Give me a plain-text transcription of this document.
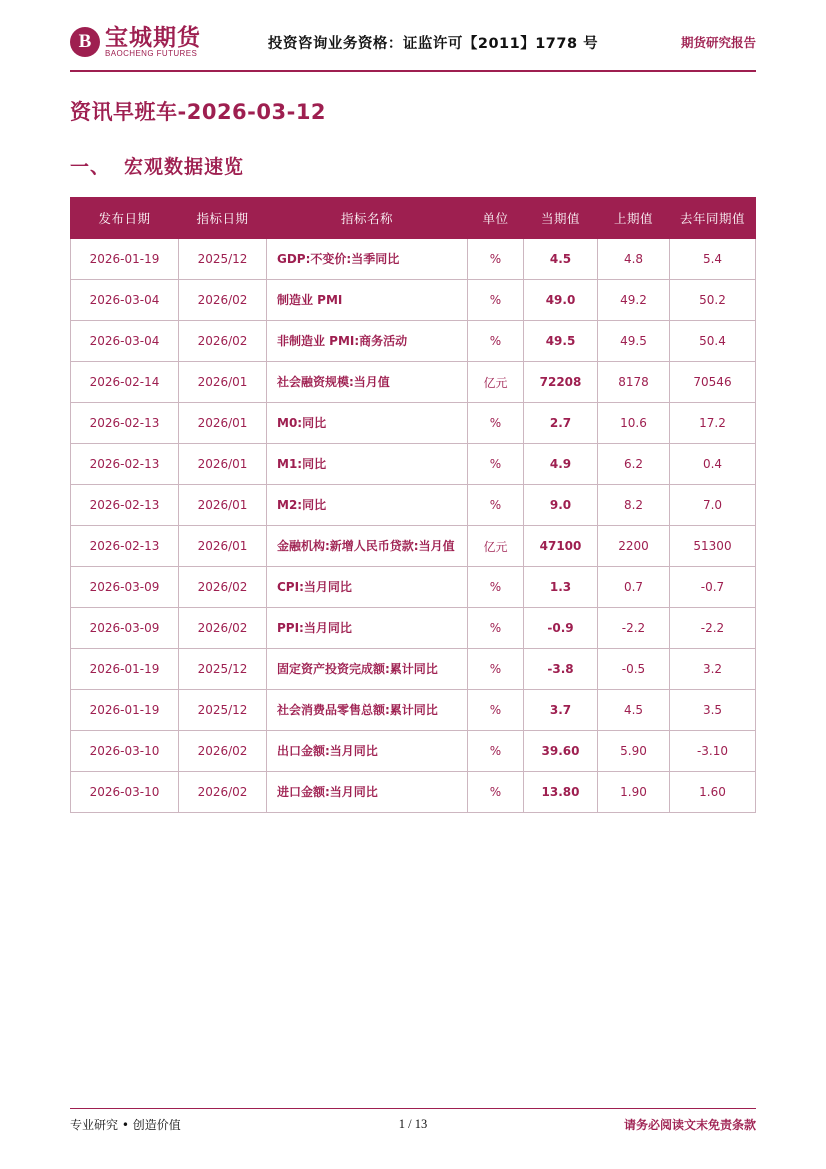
B 宝城期货
BAOCHENG FUTURES
投资咨询业务资格：证监许可【2011】1778 号	期货研究报告
资讯早班车-2026-03-12
一、 宏观数据速览
发布日期	指标日期	指标名称	单位	当期值	上期值	去年同期值
2026-01-19	2025/12	GDP:不变价:当季同比	%	4.5	4.8	5.4
2026-03-04	2026/02	制造业 PMI	%	49.0	49.2	50.2
2026-03-04	2026/02	非制造业 PMI:商务活动	%	49.5	49.5	50.4
2026-02-14	2026/01	社会融资规模:当月值	亿元	72208	8178	70546
2026-02-13	2026/01	M0:同比	%	2.7	10.6	17.2
2026-02-13	2026/01	M1:同比	%	4.9	6.2	0.4
2026-02-13	2026/01	M2:同比	%	9.0	8.2	7.0
2026-02-13	2026/01	金融机构:新增人民币贷款:当月值	亿元	47100	2200	51300
2026-03-09	2026/02	CPI:当月同比	%	1.3	0.7	-0.7
2026-03-09	2026/02	PPI:当月同比	%	-0.9	-2.2	-2.2
2026-01-19	2025/12	固定资产投资完成额:累计同比	%	-3.8	-0.5	3.2
2026-01-19	2025/12	社会消费品零售总额:累计同比	%	3.7	4.5	3.5
2026-03-10	2026/02	出口金额:当月同比	%	39.60	5.90	-3.10
2026-03-10	2026/02	进口金额:当月同比	%	13.80	1.90	1.60
专业研究 • 创造价值	1 / 13	请务必阅读文末免责条款
